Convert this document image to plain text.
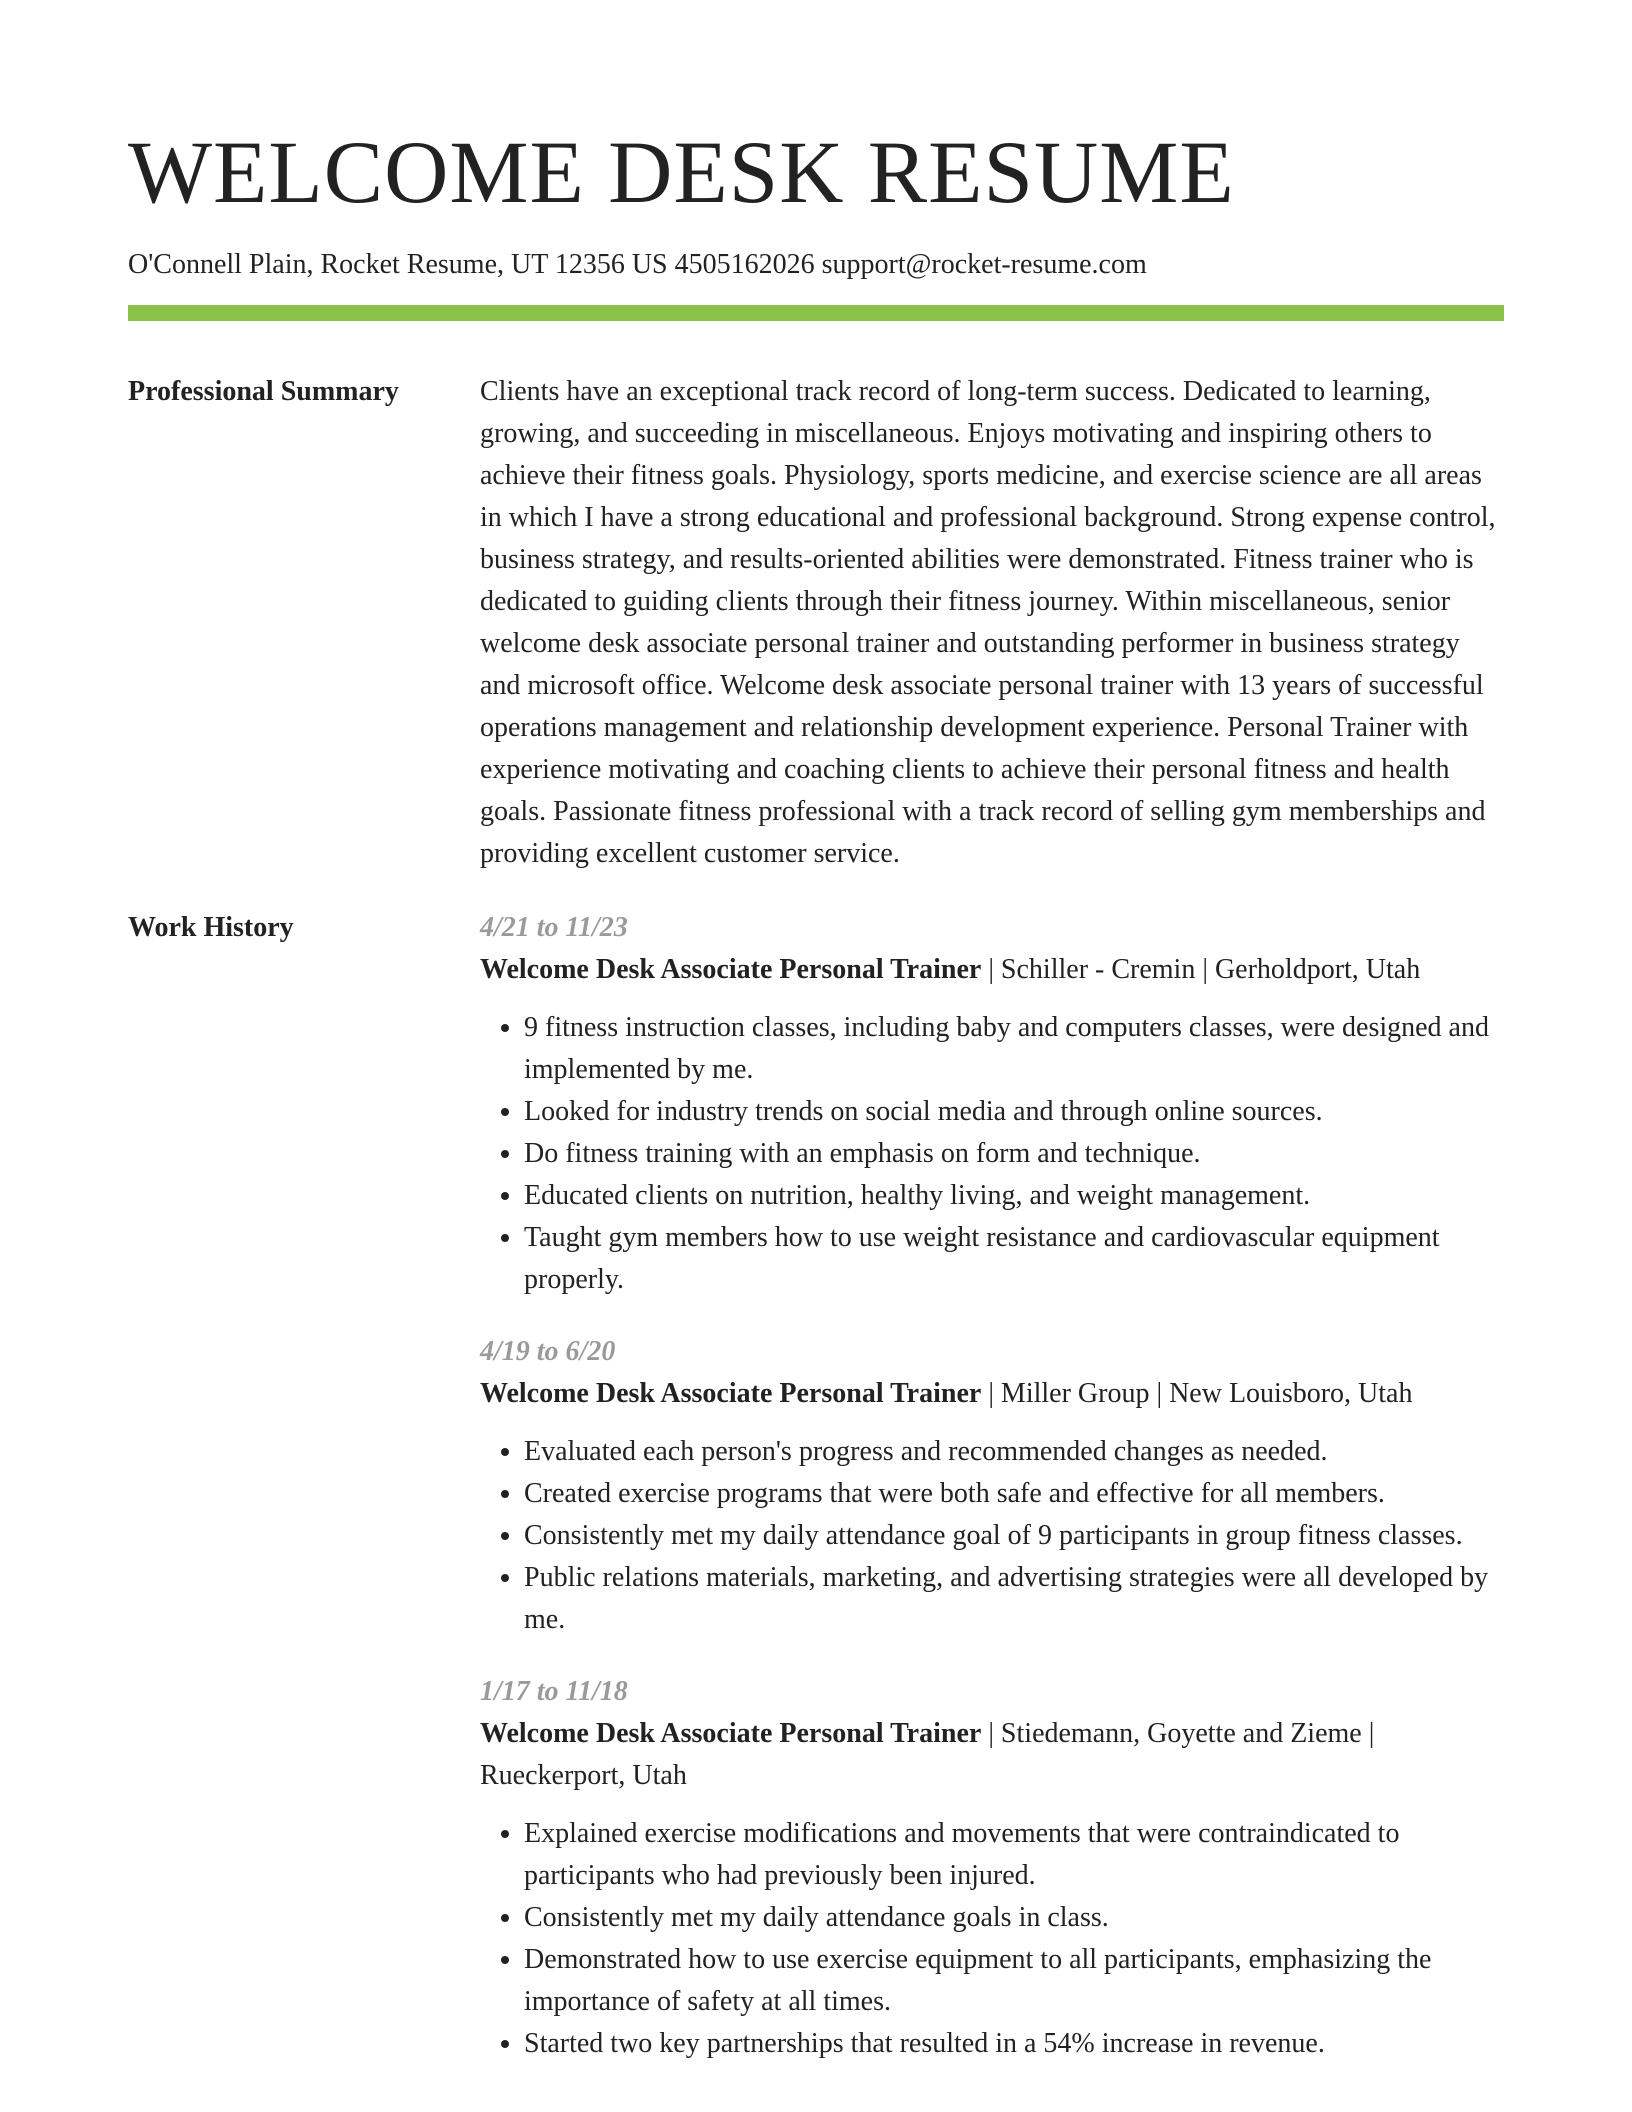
WELCOME DESK RESUME
O'Connell Plain, Rocket Resume, UT 12356 US 4505162026 support@rocket-resume.com
Professional Summary	Clients have an exceptional track record of long-term success. Dedicated to learning, growing, and succeeding in miscellaneous. Enjoys motivating and inspiring others to achieve their fitness goals. Physiology, sports medicine, and exercise science are all areas in which I have a strong educational and professional background. Strong expense control, business strategy, and results-oriented abilities were demonstrated. Fitness trainer who is dedicated to guiding clients through their fitness journey. Within miscellaneous, senior welcome desk associate personal trainer and outstanding performer in business strategy and microsoft office. Welcome desk associate personal trainer with 13 years of successful operations management and relationship development experience. Personal Trainer with experience motivating and coaching clients to achieve their personal fitness and health goals. Passionate fitness professional with a track record of selling gym memberships and providing excellent customer service.
Work History	4/21 to 11/23
Welcome Desk Associate Personal Trainer | Schiller - Cremin | Gerholdport, Utah
• 9 fitness instruction classes, including baby and computers classes, were designed and implemented by me.
• Looked for industry trends on social media and through online sources.
• Do fitness training with an emphasis on form and technique.
• Educated clients on nutrition, healthy living, and weight management.
• Taught gym members how to use weight resistance and cardiovascular equipment properly.
4/19 to 6/20
Welcome Desk Associate Personal Trainer | Miller Group | New Louisboro, Utah
• Evaluated each person's progress and recommended changes as needed.
• Created exercise programs that were both safe and effective for all members.
• Consistently met my daily attendance goal of 9 participants in group fitness classes.
• Public relations materials, marketing, and advertising strategies were all developed by me.
1/17 to 11/18
Welcome Desk Associate Personal Trainer | Stiedemann, Goyette and Zieme | Rueckerport, Utah
• Explained exercise modifications and movements that were contraindicated to participants who had previously been injured.
• Consistently met my daily attendance goals in class.
• Demonstrated how to use exercise equipment to all participants, emphasizing the importance of safety at all times.
• Started two key partnerships that resulted in a 54% increase in revenue.
